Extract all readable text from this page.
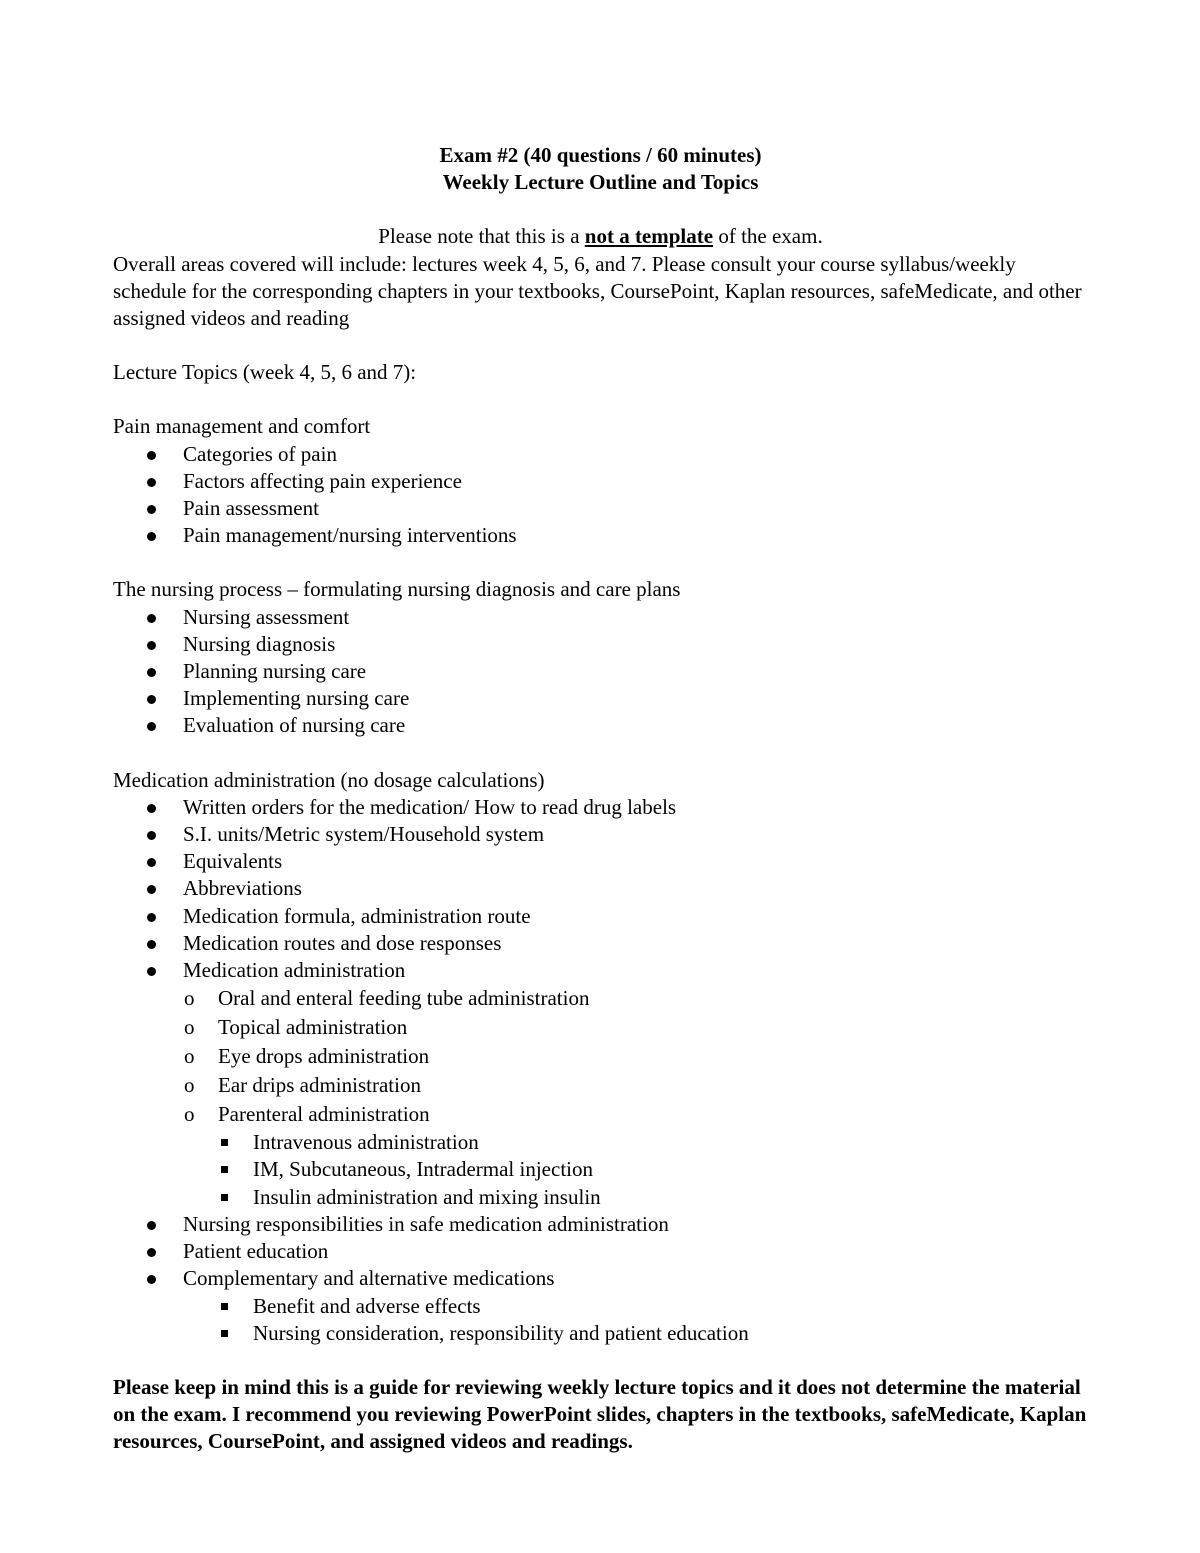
Exam #2 (40 questions / 60 minutes)

Weekly Lecture Outline and Topics

Please note that this is a not a template of the exam.

Overall areas covered will include: lectures week 4, 5, 6, and 7. Please consult your course syllabus/weekly schedule for the corresponding chapters in your textbooks, CoursePoint, Kaplan resources, safeMedicate, and other assigned videos and reading

Lecture Topics (week 4, 5, 6 and 7):

Pain management and comfort

Categories of pain
Factors affecting pain experience
Pain assessment
Pain management/nursing interventions

The nursing process – formulating nursing diagnosis and care plans

Nursing assessment
Nursing diagnosis
Planning nursing care
Implementing nursing care
Evaluation of nursing care

Medication administration (no dosage calculations)

Written orders for the medication/ How to read drug labels
S.I. units/Metric system/Household system
Equivalents
Abbreviations
Medication formula, administration route
Medication routes and dose responses
Medication administration
o Oral and enteral feeding tube administration
o Topical administration
o Eye drops administration
o Ear drips administration
o Parenteral administration
Intravenous administration
IM, Subcutaneous, Intradermal injection
Insulin administration and mixing insulin
Nursing responsibilities in safe medication administration
Patient education
Complementary and alternative medications
Benefit and adverse effects
Nursing consideration, responsibility and patient education

Please keep in mind this is a guide for reviewing weekly lecture topics and it does not determine the material on the exam. I recommend you reviewing PowerPoint slides, chapters in the textbooks, safeMedicate, Kaplan resources, CoursePoint, and assigned videos and readings.
